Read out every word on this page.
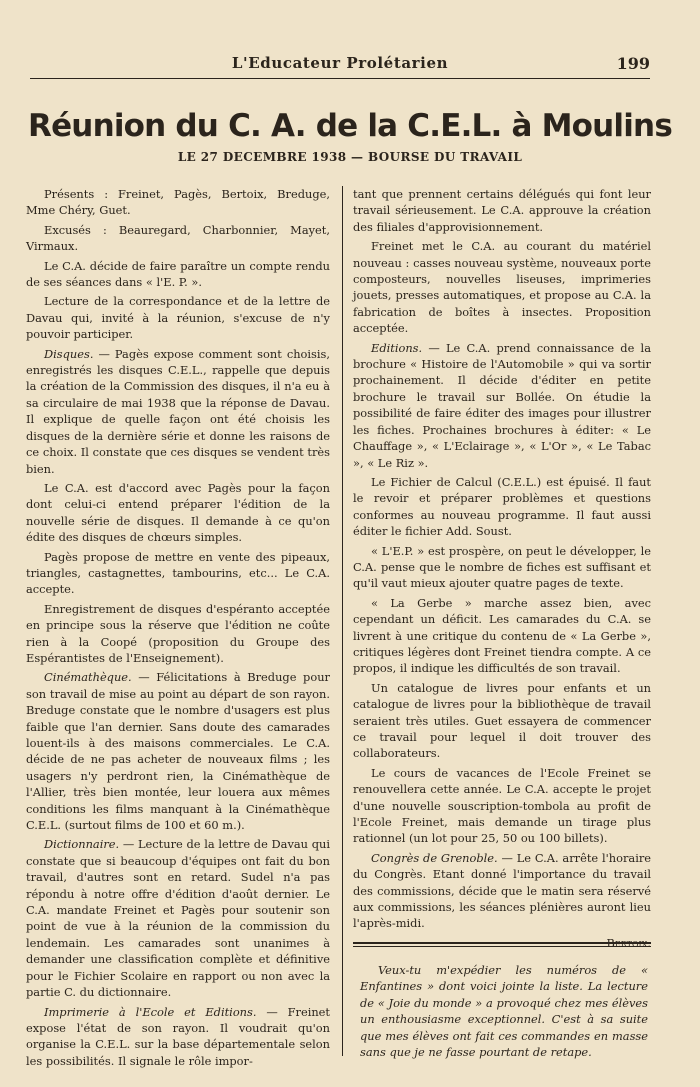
L'Educateur Prolétarien	199
Réunion du C. A. de la C.E.L. à Moulins
LE 27 DECEMBRE 1938 — BOURSE DU TRAVAIL

Présents : Freinet, Pagès, Bertoix, Breduge, Mme Chéry, Guet.

Excusés : Beauregard, Charbonnier, Mayet, Virmaux.

Le C.A. décide de faire paraître un compte rendu de ses séances dans « l'E. P. ».

Lecture de la correspondance et de la lettre de Davau qui, invité à la réunion, s'excuse de n'y pouvoir participer.

Disques. — Pagès expose comment sont choisis, enregistrés les disques C.E.L., rappelle que depuis la création de la Commission des disques, il n'a eu à sa circulaire de mai 1938 que la réponse de Davau. Il explique de quelle façon ont été choisis les disques de la dernière série et donne les raisons de ce choix. Il constate que ces disques se vendent très bien.

Le C.A. est d'accord avec Pagès pour la façon dont celui-ci entend préparer l'édition de la nouvelle série de disques. Il demande à ce qu'on édite des disques de chœurs simples.

Pagès propose de mettre en vente des pipeaux, triangles, castagnettes, tambourins, etc... Le C.A. accepte.

Enregistrement de disques d'espéranto acceptée en principe sous la réserve que l'édition ne coûte rien à la Coopé (proposition du Groupe des Espérantistes de l'Enseignement).

Cinémathèque. — Félicitations à Breduge pour son travail de mise au point au départ de son rayon. Breduge constate que le nombre d'usagers est plus faible que l'an dernier. Sans doute des camarades louent-ils à des maisons commerciales. Le C.A. décide de ne pas acheter de nouveaux films ; les usagers n'y perdront rien, la Cinémathèque de l'Allier, très bien montée, leur louera aux mêmes conditions les films manquant à la Cinémathèque C.E.L. (surtout films de 100 et 60 m.).

Dictionnaire. — Lecture de la lettre de Davau qui constate que si beaucoup d'équipes ont fait du bon travail, d'autres sont en retard. Sudel n'a pas répondu à notre offre d'édition d'août dernier. Le C.A. mandate Freinet et Pagès pour soutenir son point de vue à la réunion de la commission du lendemain. Les camarades sont unanimes à demander une classification complète et définitive pour le Fichier Scolaire en rapport ou non avec la partie C. du dictionnaire.

Imprimerie à l'Ecole et Editions. — Freinet expose l'état de son rayon. Il voudrait qu'on organise la C.E.L. sur la base départementale selon les possibilités. Il signale le rôle impor-

tant que prennent certains délégués qui font leur travail sérieusement. Le C.A. approuve la création des filiales d'approvisionnement.

Freinet met le C.A. au courant du matériel nouveau : casses nouveau système, nouveaux porte composteurs, nouvelles liseuses, imprimeries jouets, presses automatiques, et propose au C.A. la fabrication de boîtes à insectes. Proposition acceptée.

Editions. — Le C.A. prend connaissance de la brochure « Histoire de l'Automobile » qui va sortir prochainement. Il décide d'éditer en petite brochure le travail sur Bollée. On étudie la possibilité de faire éditer des images pour illustrer les fiches. Prochaines brochures à éditer: « Le Chauffage », « L'Eclairage », « L'Or », « Le Tabac », « Le Riz ».

Le Fichier de Calcul (C.E.L.) est épuisé. Il faut le revoir et préparer problèmes et questions conformes au nouveau programme. Il faut aussi éditer le fichier Add. Soust.

« L'E.P. » est prospère, on peut le développer, le C.A. pense que le nombre de fiches est suffisant et qu'il vaut mieux ajouter quatre pages de texte.

« La Gerbe » marche assez bien, avec cependant un déficit. Les camarades du C.A. se livrent à une critique du contenu de « La Gerbe », critiques légères dont Freinet tiendra compte. A ce propos, il indique les difficultés de son travail.

Un catalogue de livres pour enfants et un catalogue de livres pour la bibliothèque de travail seraient très utiles. Guet essayera de commencer ce travail pour lequel il doit trouver des collaborateurs.

Le cours de vacances de l'Ecole Freinet se renouvellera cette année. Le C.A. accepte le projet d'une nouvelle souscription-tombola au profit de l'Ecole Freinet, mais demande un tirage plus rationnel (un lot pour 25, 50 ou 100 billets).

Congrès de Grenoble. — Le C.A. arrête l'horaire du Congrès. Etant donné l'importance du travail des commissions, décide que le matin sera réservé aux commissions, les séances plénières auront lieu l'après-midi.

Bertoix.

Veux-tu m'expédier les numéros de « Enfantines » dont voici jointe la liste. La lecture de « Joie du monde » a provoqué chez mes élèves un enthousiasme exceptionnel. C'est à sa suite que mes élèves ont fait ces commandes en masse sans que je ne fasse pourtant de retape.
